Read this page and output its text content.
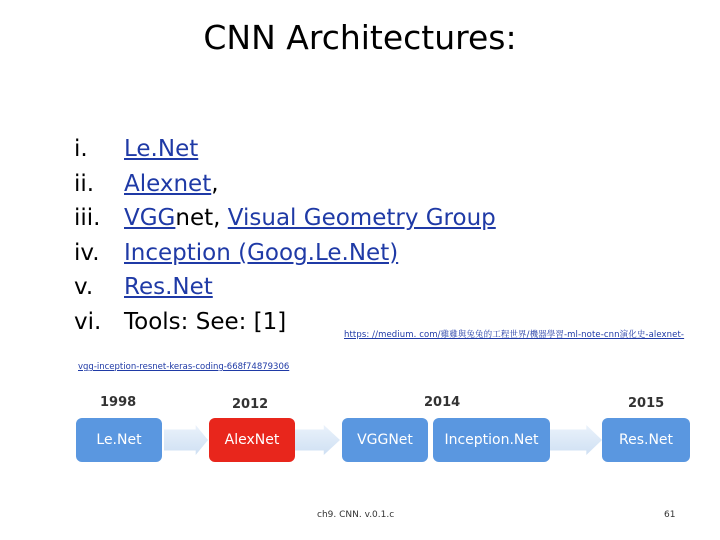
CNN Architectures:
i.	Le.Net
ii.	Alexnet,
iii.	VGGnet, Visual Geometry Group
iv.	Inception (Goog.Le.Net)
v.	Res.Net
vi. Tools: See: [1]	https: //medium. com/雞雞與兔兔的工程世界/機器學習-ml-note-cnn演化史-alexnet-
vgg-inception-resnet-keras-coding-668f74879306
1998	2012	2014	2015
Le.Net	AlexNet	VGGNet	Inception.Net	Res.Net
ch9. CNN. v.0.1.c	61
